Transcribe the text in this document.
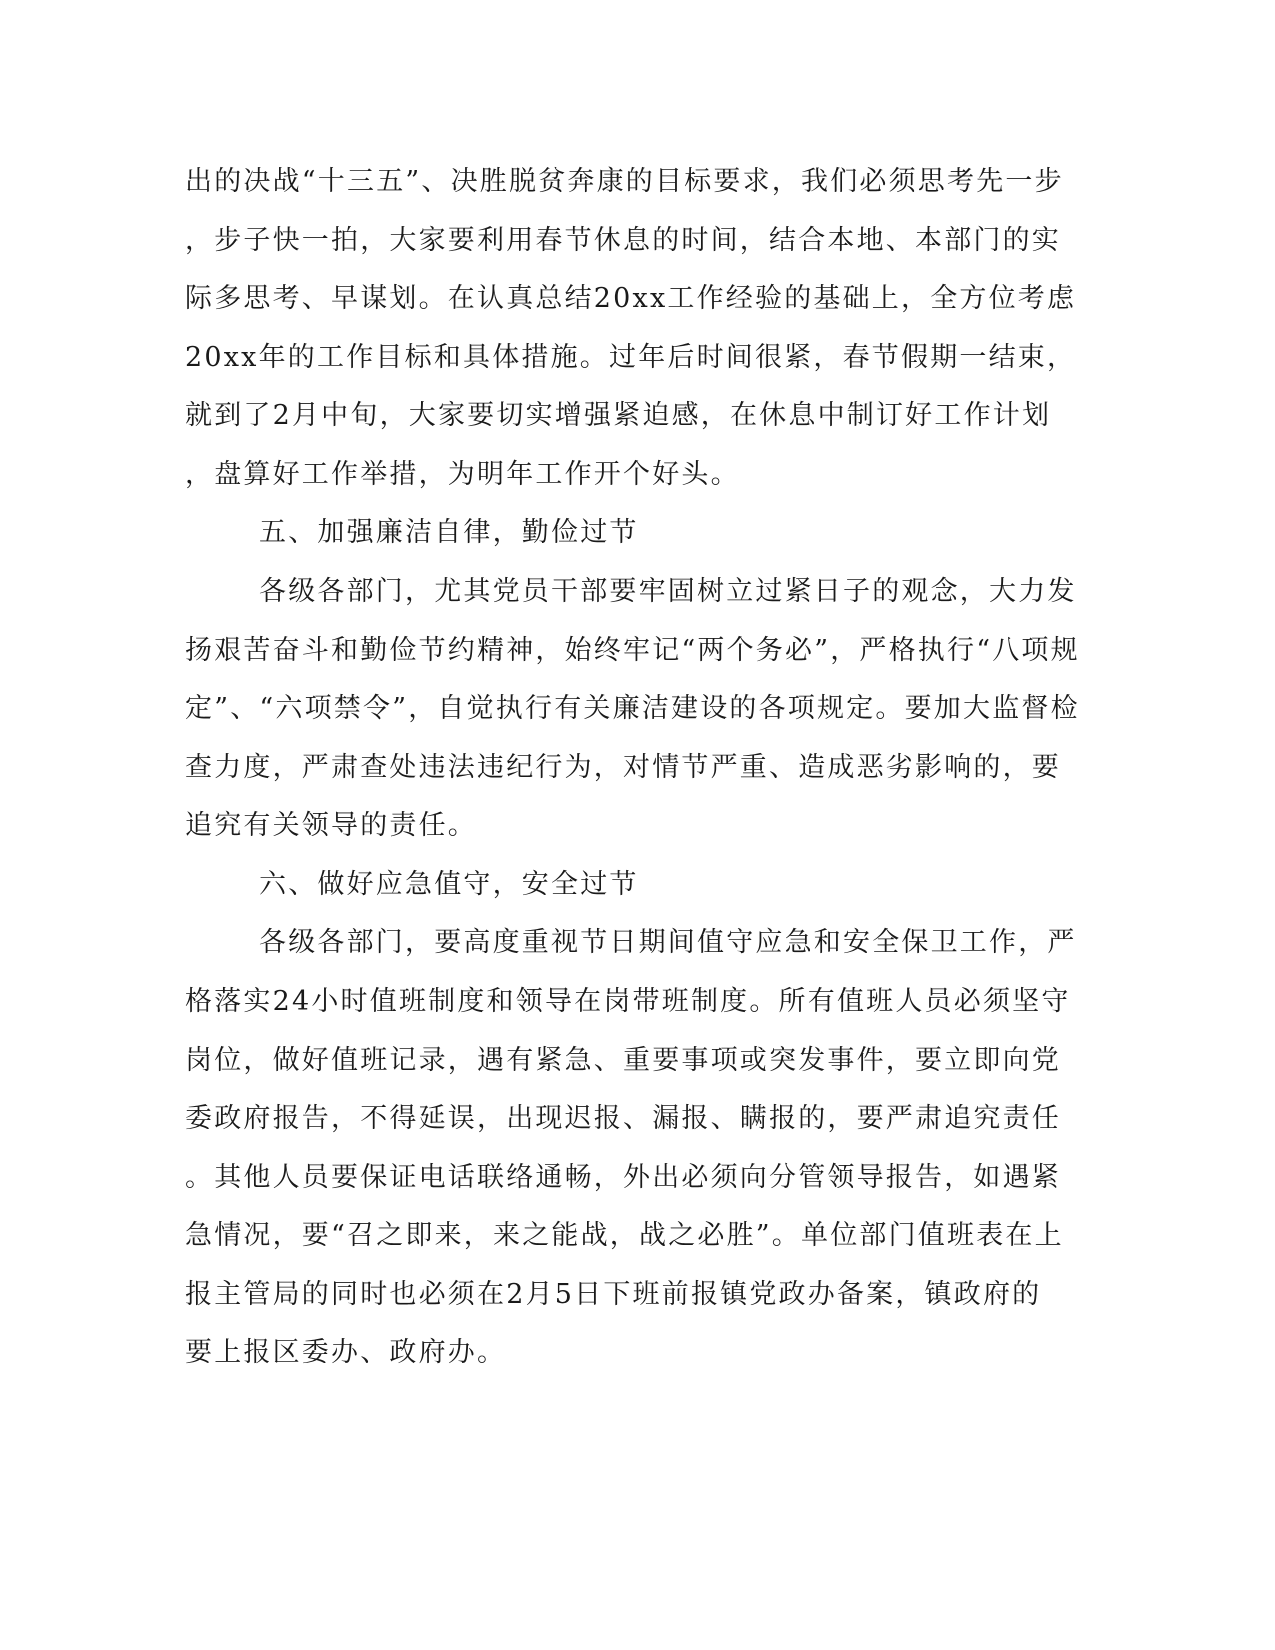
出的决战“十三五”、决胜脱贫奔康的目标要求，我们必须思考先一步
，步子快一拍，大家要利用春节休息的时间，结合本地、本部门的实
际多思考、早谋划。在认真总结20xx工作经验的基础上，全方位考虑
20xx年的工作目标和具体措施。过年后时间很紧，春节假期一结束，
就到了2月中旬，大家要切实增强紧迫感，在休息中制订好工作计划
，盘算好工作举措，为明年工作开个好头。
五、加强廉洁自律，勤俭过节
各级各部门，尤其党员干部要牢固树立过紧日子的观念，大力发
扬艰苦奋斗和勤俭节约精神，始终牢记“两个务必”，严格执行“八项规
定”、“六项禁令”，自觉执行有关廉洁建设的各项规定。要加大监督检
查力度，严肃查处违法违纪行为，对情节严重、造成恶劣影响的，要
追究有关领导的责任。
六、做好应急值守，安全过节
各级各部门，要高度重视节日期间值守应急和安全保卫工作，严
格落实24小时值班制度和领导在岗带班制度。所有值班人员必须坚守
岗位，做好值班记录，遇有紧急、重要事项或突发事件，要立即向党
委政府报告，不得延误，出现迟报、漏报、瞒报的，要严肃追究责任
。其他人员要保证电话联络通畅，外出必须向分管领导报告，如遇紧
急情况，要“召之即来，来之能战，战之必胜”。单位部门值班表在上
报主管局的同时也必须在2月5日下班前报镇党政办备案，镇政府的
要上报区委办、政府办。
